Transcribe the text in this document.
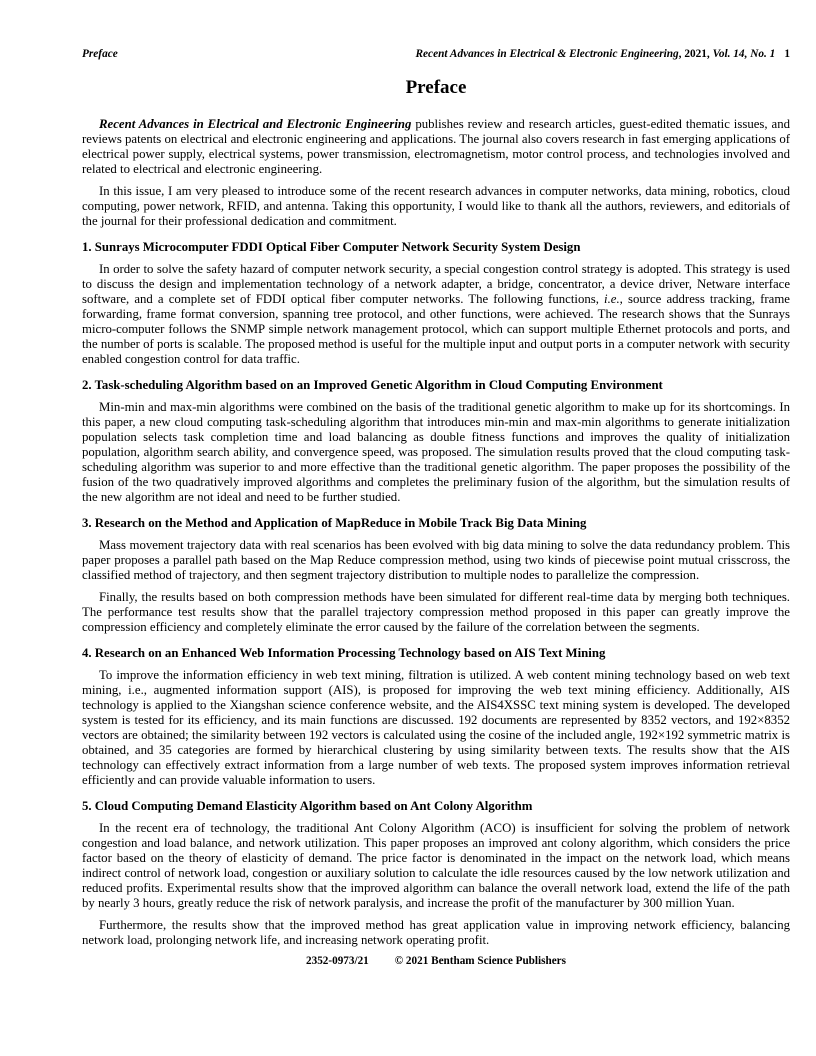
Preface	Recent Advances in Electrical & Electronic Engineering, 2021, Vol. 14, No. 1 1
Preface

Recent Advances in Electrical and Electronic Engineering publishes review and research articles, guest-edited thematic issues, and reviews patents on electrical and electronic engineering and applications. The journal also covers research in fast emerging applications of electrical power supply, electrical systems, power transmission, electromagnetism, motor control process, and technologies involved and related to electrical and electronic engineering.

In this issue, I am very pleased to introduce some of the recent research advances in computer networks, data mining, robotics, cloud computing, power network, RFID, and antenna. Taking this opportunity, I would like to thank all the authors, reviewers, and editorials of the journal for their professional dedication and commitment.

1. Sunrays Microcomputer FDDI Optical Fiber Computer Network Security System Design

In order to solve the safety hazard of computer network security, a special congestion control strategy is adopted. This strategy is used to discuss the design and implementation technology of a network adapter, a bridge, concentrator, a device driver, Netware interface software, and a complete set of FDDI optical fiber computer networks. The following functions, i.e., source address tracking, frame forwarding, frame format conversion, spanning tree protocol, and other functions, were achieved. The research shows that the Sunrays micro-computer follows the SNMP simple network management protocol, which can support multiple Ethernet protocols and ports, and the number of ports is scalable. The proposed method is useful for the multiple input and output ports in a computer network with security enabled congestion control for data traffic.

2. Task-scheduling Algorithm based on an Improved Genetic Algorithm in Cloud Computing Environment

Min-min and max-min algorithms were combined on the basis of the traditional genetic algorithm to make up for its shortcomings. In this paper, a new cloud computing task-scheduling algorithm that introduces min-min and max-min algorithms to generate initialization population selects task completion time and load balancing as double fitness functions and improves the quality of initialization population, algorithm search ability, and convergence speed, was proposed. The simulation results proved that the cloud computing task-scheduling algorithm was superior to and more effective than the traditional genetic algorithm. The paper proposes the possibility of the fusion of the two quadratively improved algorithms and completes the preliminary fusion of the algorithm, but the simulation results of the new algorithm are not ideal and need to be further studied.

3. Research on the Method and Application of MapReduce in Mobile Track Big Data Mining

Mass movement trajectory data with real scenarios has been evolved with big data mining to solve the data redundancy problem. This paper proposes a parallel path based on the Map Reduce compression method, using two kinds of piecewise point mutual crisscross, the classified method of trajectory, and then segment trajectory distribution to multiple nodes to parallelize the compression.

Finally, the results based on both compression methods have been simulated for different real-time data by merging both techniques. The performance test results show that the parallel trajectory compression method proposed in this paper can greatly improve the compression efficiency and completely eliminate the error caused by the failure of the correlation between the segments.

4. Research on an Enhanced Web Information Processing Technology based on AIS Text Mining

To improve the information efficiency in web text mining, filtration is utilized. A web content mining technology based on web text mining, i.e., augmented information support (AIS), is proposed for improving the web text mining efficiency. Additionally, AIS technology is applied to the Xiangshan science conference website, and the AIS4XSSC text mining system is developed. The developed system is tested for its efficiency, and its main functions are discussed. 192 documents are represented by 8352 vectors, and 192×8352 vectors are obtained; the similarity between 192 vectors is calculated using the cosine of the included angle, 192×192 symmetric matrix is obtained, and 35 categories are formed by hierarchical clustering by using similarity between texts. The results show that the AIS technology can effectively extract information from a large number of web texts. The proposed system improves information retrieval efficiently and can provide valuable information to users.

5. Cloud Computing Demand Elasticity Algorithm based on Ant Colony Algorithm

In the recent era of technology, the traditional Ant Colony Algorithm (ACO) is insufficient for solving the problem of network congestion and load balance, and network utilization. This paper proposes an improved ant colony algorithm, which considers the price factor based on the theory of elasticity of demand. The price factor is denominated in the impact on the network load, which means indirect control of network load, congestion or auxiliary solution to calculate the idle resources caused by the low network utilization and reduced profits. Experimental results show that the improved algorithm can balance the overall network load, extend the life of the path by nearly 3 hours, greatly reduce the risk of network paralysis, and increase the profit of the manufacturer by 300 million Yuan.

Furthermore, the results show that the improved method has great application value in improving network efficiency, balancing network load, prolonging network life, and increasing network operating profit.

2352-0973/21 © 2021 Bentham Science Publishers
